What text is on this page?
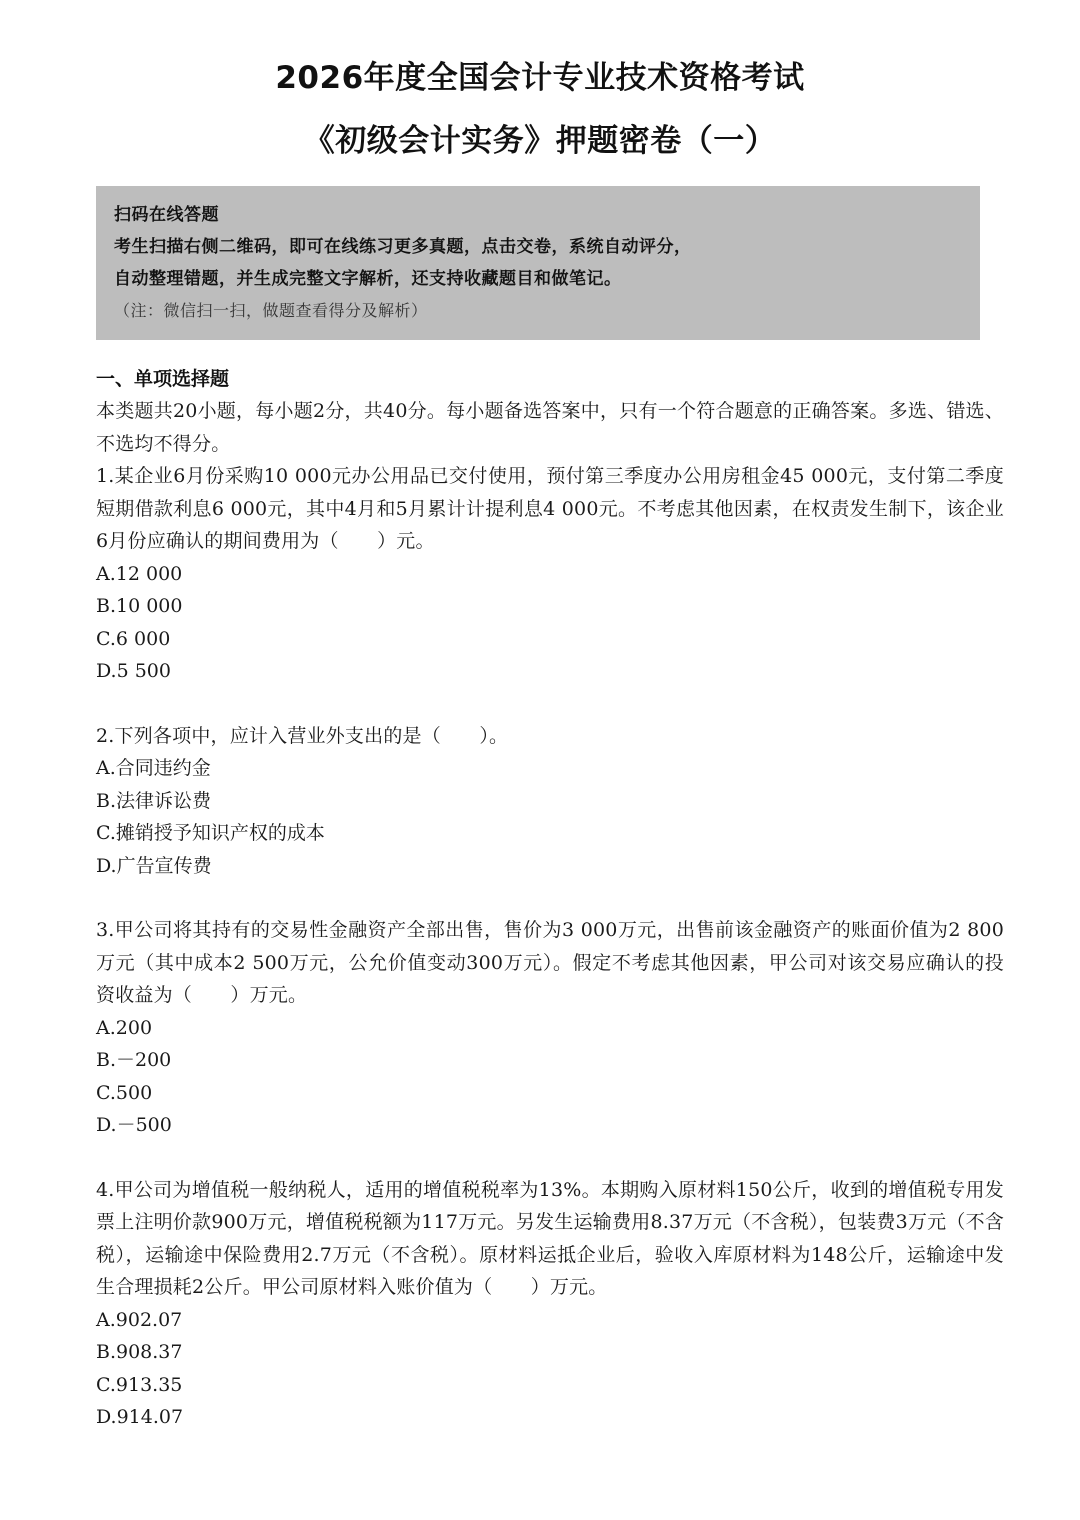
2026年度全国会计专业技术资格考试
《初级会计实务》押题密卷（一）
扫码在线答题
考生扫描右侧二维码，即可在线练习更多真题，点击交卷，系统自动评分，
自动整理错题，并生成完整文字解析，还支持收藏题目和做笔记。
（注：微信扫一扫，做题查看得分及解析）
一、单项选择题
本类题共20小题，每小题2分，共40分。每小题备选答案中，只有一个符合题意的正确答案。多选、错选、不选均不得分。
1.某企业6月份采购10 000元办公用品已交付使用，预付第三季度办公用房租金45 000元，支付第二季度短期借款利息6 000元，其中4月和5月累计计提利息4 000元。不考虑其他因素，在权责发生制下，该企业6月份应确认的期间费用为（　　）元。
A.12 000
B.10 000
C.6 000
D.5 500
2.下列各项中，应计入营业外支出的是（　　）。
A.合同违约金
B.法律诉讼费
C.摊销授予知识产权的成本
D.广告宣传费
3.甲公司将其持有的交易性金融资产全部出售，售价为3 000万元，出售前该金融资产的账面价值为2 800万元（其中成本2 500万元，公允价值变动300万元）。假定不考虑其他因素，甲公司对该交易应确认的投资收益为（　　）万元。
A.200
B.－200
C.500
D.－500
4.甲公司为增值税一般纳税人，适用的增值税税率为13%。本期购入原材料150公斤，收到的增值税专用发票上注明价款900万元，增值税税额为117万元。另发生运输费用8.37万元（不含税），包装费3万元（不含税），运输途中保险费用2.7万元（不含税）。原材料运抵企业后，验收入库原材料为148公斤，运输途中发生合理损耗2公斤。甲公司原材料入账价值为（　　）万元。
A.902.07
B.908.37
C.913.35
D.914.07
